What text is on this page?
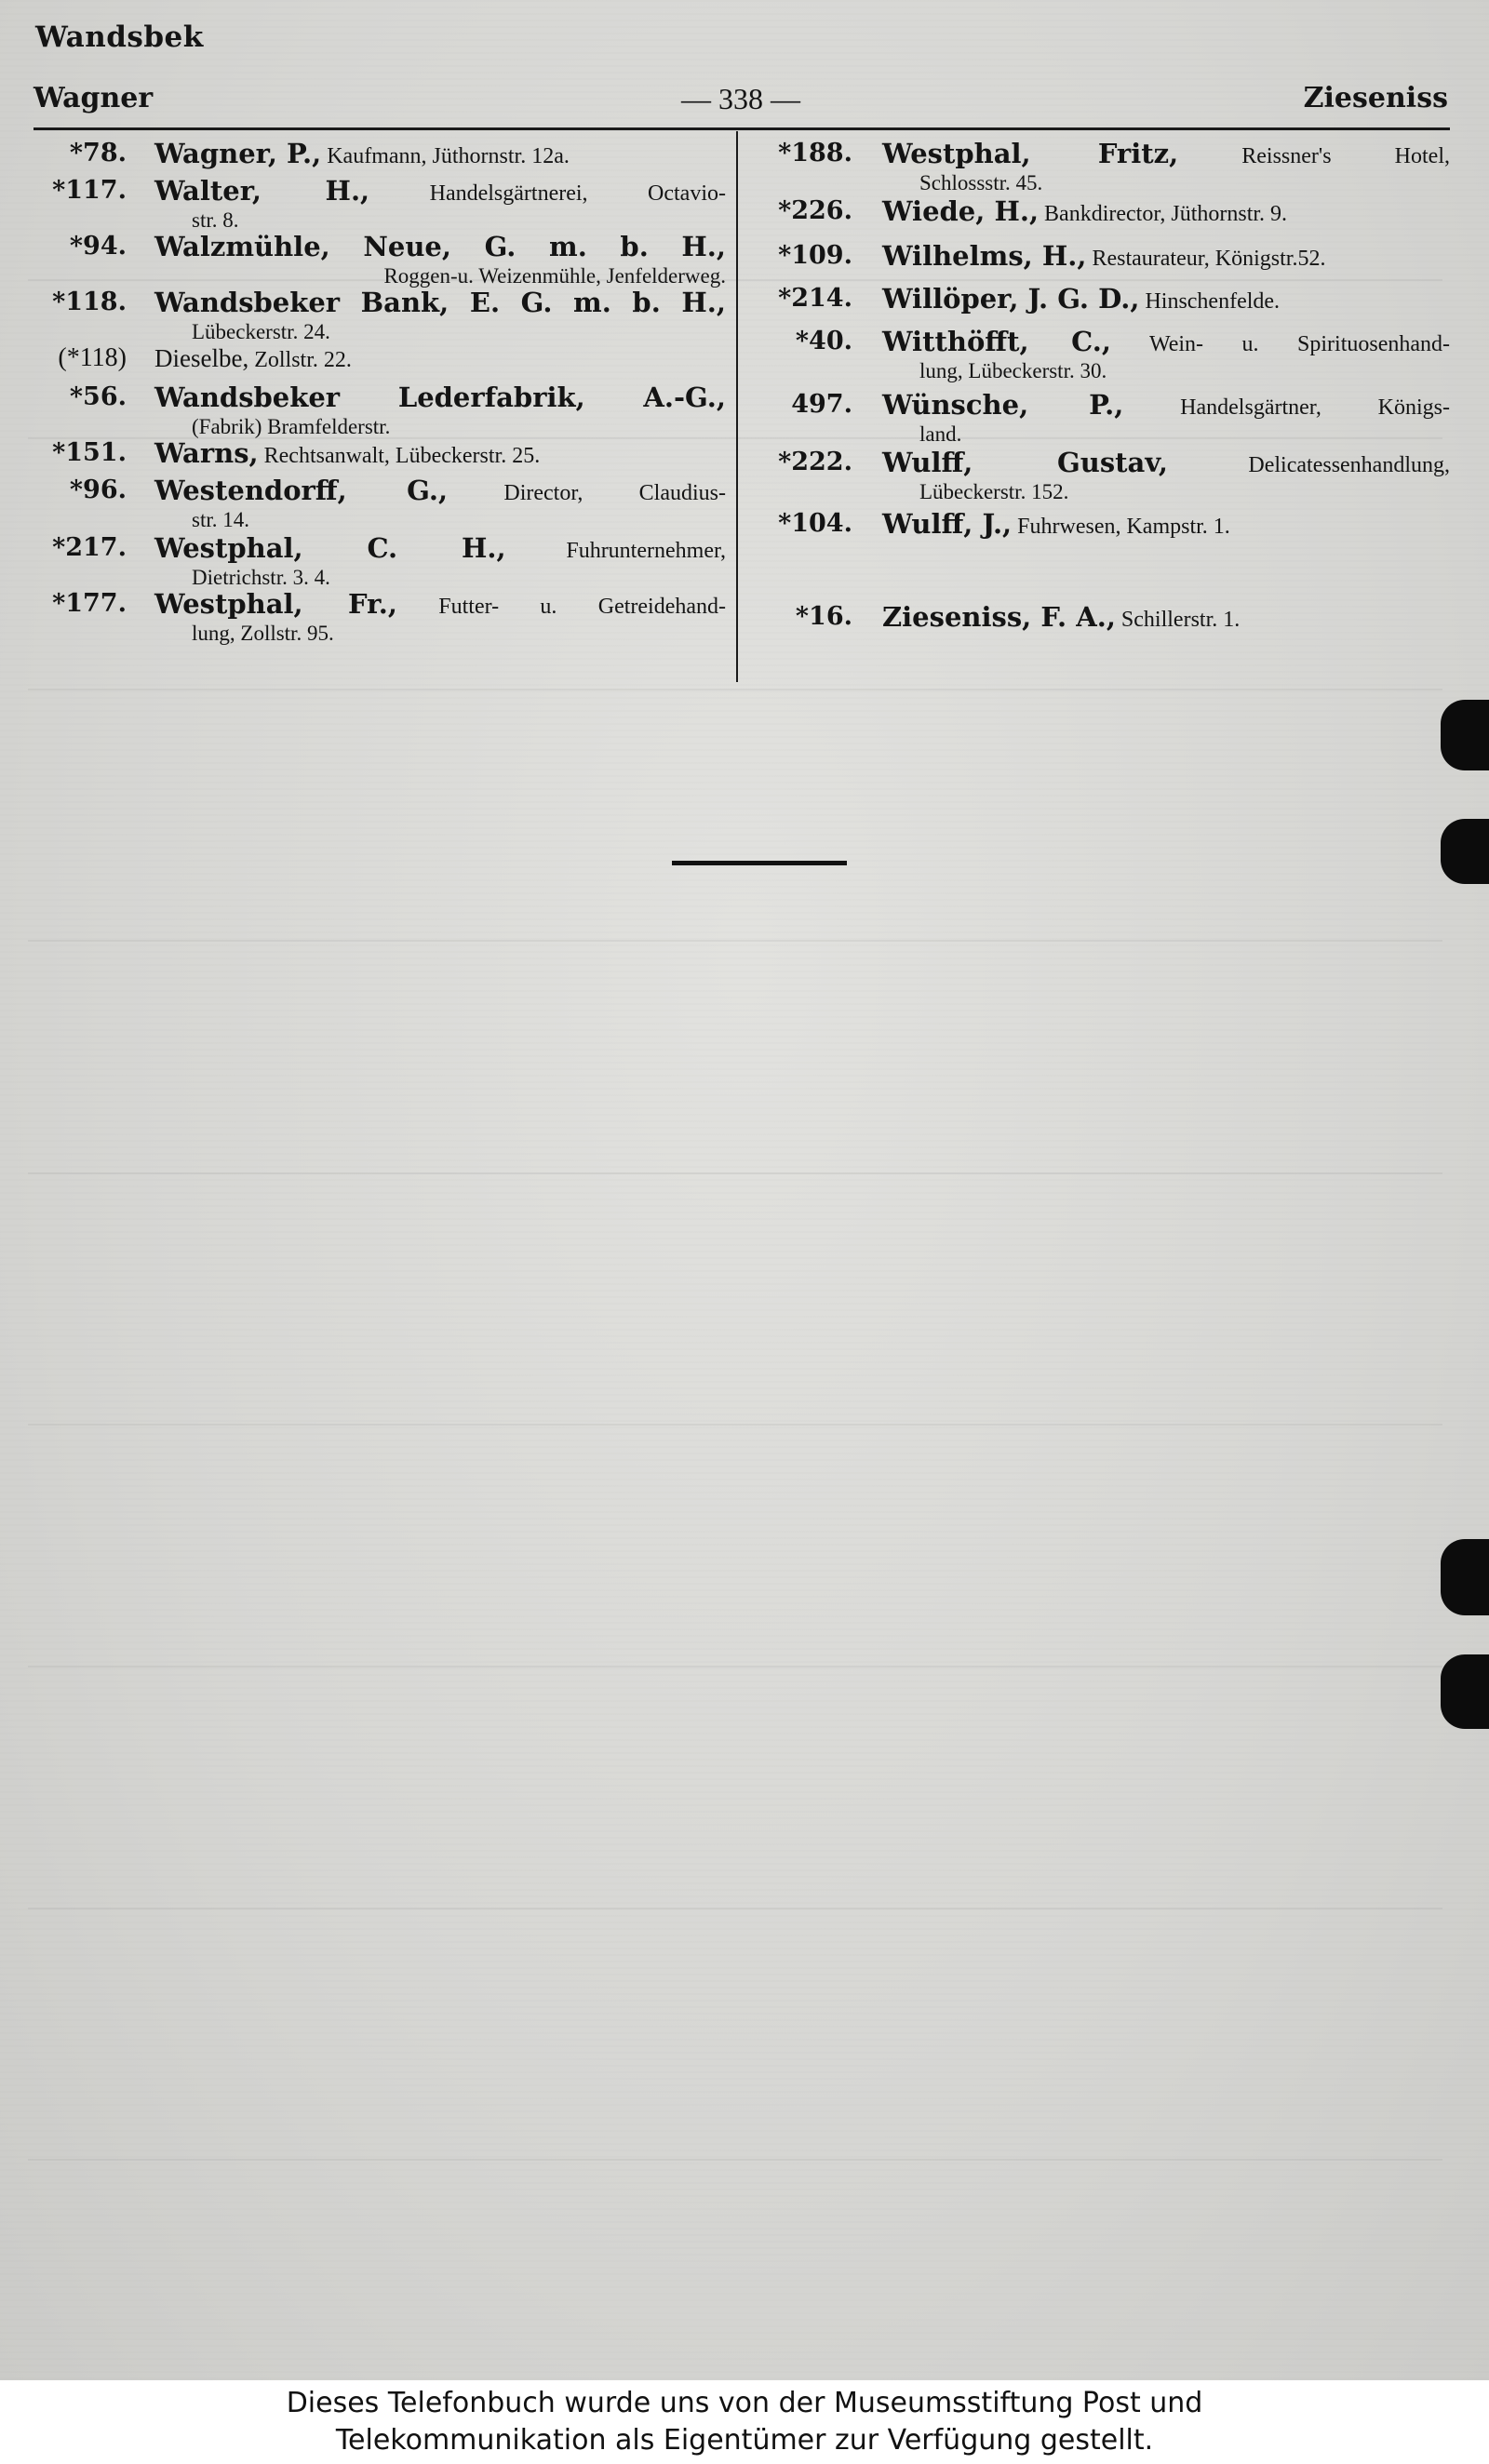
Wandsbek
Wagner	— 338 —	Zieseniss
*78. Wagner, P., Kaufmann, Jüthornstr. 12a.
*117. Walter, H.,	Handelsgärtnerei, Octavio-
str. 8.
*94. Walzmühle, Neue, G. m. b. H.,
Roggen-u. Weizenmühle, Jenfelderweg.
*118. Wandsbeker Bank, E. G. m. b. H.,
Lübeckerstr. 24.
(*118) Dieselbe, Zollstr. 22.
*56. Wandsbeker Lederfabrik, A.-G.,
(Fabrik) Bramfelderstr.
*151. Warns, Rechtsanwalt, Lübeckerstr. 25.
*96. Westendorff, G.,	Director, Claudius-
str. 14.
*217. Westphal, C. H.,	Fuhrunternehmer,
Dietrichstr. 3. 4.
*177. Westphal, Fr., Futter- u. Getreidehand-
lung, Zollstr. 95.
*188. Westphal, Fritz,	Reissner's Hotel,
Schlossstr. 45.
*226. Wiede, H., Bankdirector, Jüthornstr. 9.
*109. Wilhelms, H., Restaurateur, Königstr.52.
*214. Willöper, J. G. D., Hinschenfelde.
*40. Witthöfft, C., Wein- u. Spirituosenhand-
lung, Lübeckerstr. 30.
497. Wünsche, P.,	Handelsgärtner, Königs-
land.
*222. Wulff, Gustav,	Delicatessenhandlung,
Lübeckerstr. 152.
*104. Wulff, J., Fuhrwesen, Kampstr. 1.
*16. Zieseniss, F. A., Schillerstr. 1.
Dieses Telefonbuch wurde uns von der Museumsstiftung Post und
Telekommunikation als Eigentümer zur Verfügung gestellt.
